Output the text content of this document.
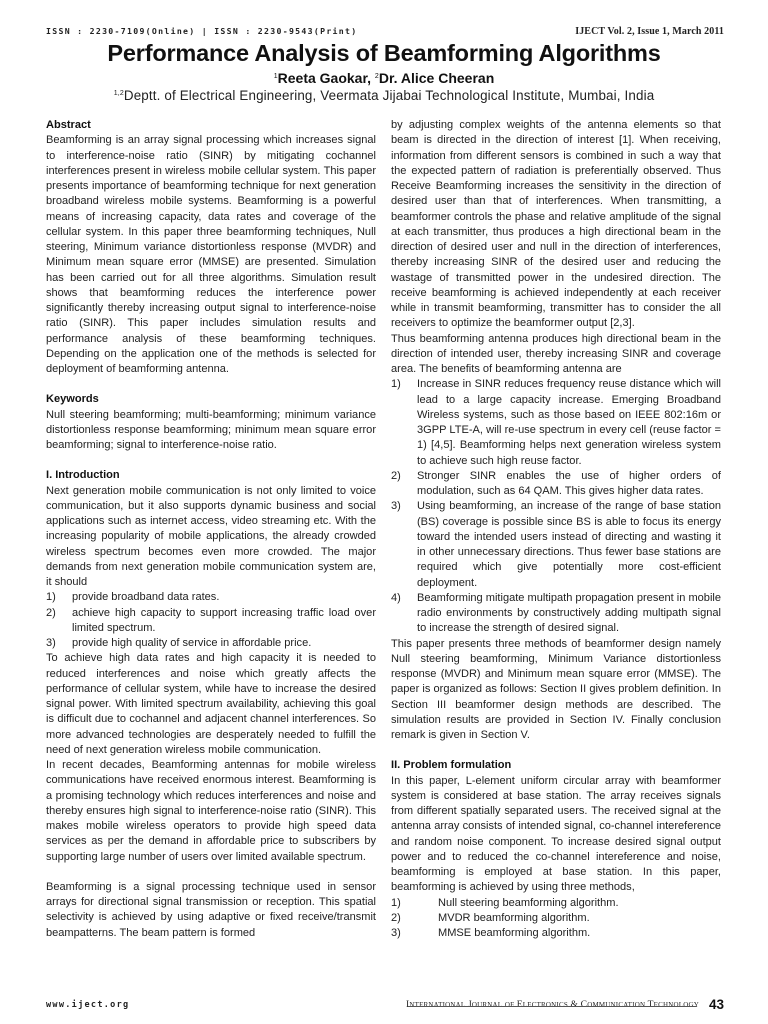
ISSN : 2230-7109(Online) | ISSN : 2230-9543(Print)	IJECT Vol. 2, Issue 1, March 2011
Performance Analysis of Beamforming Algorithms
$^1$Reeta Gaokar, $^2$Dr. Alice Cheeran
$^{1,2}$Deptt. of Electrical Engineering, Veermata Jijabai Technological Institute, Mumbai, India
Abstract

Beamforming is an array signal processing which increases signal to interference-noise ratio (SINR) by mitigating cochannel interferences present in wireless mobile cellular system. This paper presents importance of beamforming technique for next generation broadband wireless mobile systems. Beamforming is a powerful means of increasing capacity, data rates and coverage of the cellular system. In this paper three beamforming techniques, Null steering, Minimum variance distortionless response (MVDR) and Minimum mean square error (MMSE) are presented. Simulation has been carried out for all three algorithms. Simulation result shows that beamforming reduces the interference power significantly thereby increasing output signal to interference-noise ratio (SINR). This paper includes simulation results and performance analysis of these beamforming techniques. Depending on the application one of the methods is selected for deployment of beamforming antenna.

Keywords

Null steering beamforming; multi-beamforming; minimum variance distortionless response beamforming; minimum mean square error beamforming; signal to interference-noise ratio.

I. Introduction

Next generation mobile communication is not only limited to voice communication, but it also supports dynamic business and social applications such as internet access, video streaming etc. With the increasing popularity of mobile applications, the already crowded wireless spectrum becomes even more crowded. The major demands from next generation mobile communication system are, it should

1)	provide broadband data rates.
2)	achieve high capacity to support increasing traffic load over limited spectrum.
3)	provide high quality of service in affordable price.

To achieve high data rates and high capacity it is needed to reduced interferences and noise which greatly affects the performance of cellular system, while have to increase the desired signal power. With limited spectrum availability, achieving this goal is difficult due to cochannel and adjacent channel interferences. So more advanced technologies are desperately needed to fulfill the need of next generation wireless mobile communication.

In recent decades, Beamforming antennas for mobile wireless communications have received enormous interest. Beamforming is a promising technology which reduces interferences and noise and thereby ensures high signal to interference-noise ratio (SINR). This makes mobile wireless operators to provide high speed data services as per the demand in affordable price to subscribers by supporting large number of users over limited available spectrum.

Beamforming is a signal processing technique used in sensor arrays for directional signal transmission or reception. This spatial selectivity is achieved by using adaptive or fixed receive/transmit beampatterns. The beam pattern is formed

by adjusting complex weights of the antenna elements so that beam is directed in the direction of interest [1]. When receiving, information from different sensors is combined in such a way that the expected pattern of radiation is preferentially observed. Thus Receive Beamforming increases the sensitivity in the direction of desired user than that of interferences. When transmitting, a beamformer controls the phase and relative amplitude of the signal at each transmitter, thus produces a high directional beam in the direction of desired user and null in the direction of interferences, thereby increasing SINR of the desired user and reducing the wastage of transmitted power in the undesired direction. The receive beamforming is achieved independently at each receiver while in transmit beamforming, transmitter has to consider the all receivers to optimize the beamformer output [2,3].

Thus beamforming antenna produces high directional beam in the direction of intended user, thereby increasing SINR and coverage area. The benefits of beamforming antenna are

1)	Increase in SINR reduces frequency reuse distance which will lead to a large capacity increase. Emerging Broadband Wireless systems, such as those based on IEEE 802:16m or 3GPP LTE-A, will re-use spectrum in every cell (reuse factor = 1) [4,5]. Beamforming helps next generation wireless system to achieve such high reuse factor.
2)	Stronger SINR enables the use of higher orders of modulation, such as 64 QAM. This gives higher data rates.
3)	Using beamforming, an increase of the range of base station (BS) coverage is possible since BS is able to focus its energy toward the intended users instead of directing and wasting it in other unnecessary directions. Thus fewer base stations are required which give potentially more cost-efficient deployment.
4)	Beamforming mitigate multipath propagation present in mobile radio environments by constructively adding multipath signal to increase the strength of desired signal.

This paper presents three methods of beamformer design namely Null steering beamforming, Minimum Variance distortionless response (MVDR) and Minimum mean square error (MMSE). The paper is organized as follows: Section II gives problem definition. In Section III beamformer design methods are described. The simulation results are provided in Section IV. Finally conclusion remark is given in Section V.

II. Problem formulation

In this paper, L-element uniform circular array with beamformer system is considered at base station. The array receives signals from different spatially separated users. The received signal at the antenna array consists of intended signal, co-channel intereference and random noise component. To increase desired signal output power and to reduced the co-channel intereference and noise, beamforming is employed at base station. In this paper, beamforming is achieved by using three methods,

1)	Null steering beamforming algorithm.
2)	MVDR beamforming algorithm.
3)	MMSE beamforming algorithm.
www.iject.org	International Journal of Electronics & Communication Technology 43
